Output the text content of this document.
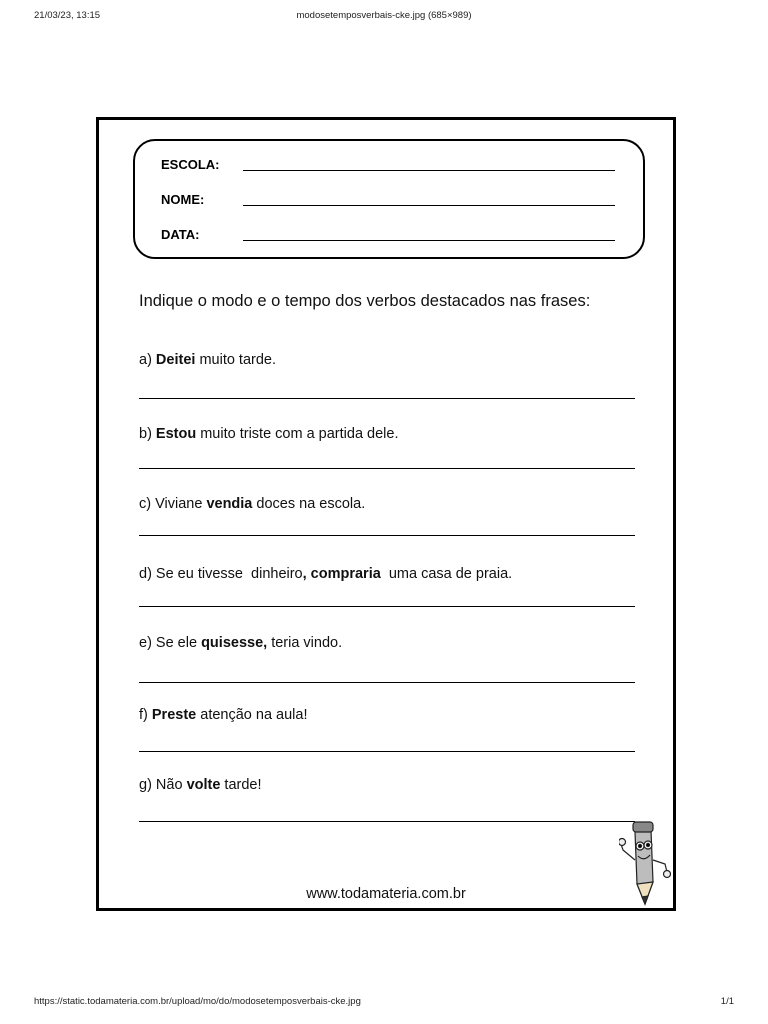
21/03/23, 13:15	modosetemposverbais-cke.jpg (685×989)
ESCOLA:
NOME:
DATA:
Indique o modo e o tempo dos verbos destacados nas frases:
a) Deitei muito tarde.
b) Estou muito triste com a partida dele.
c) Viviane vendia doces na escola.
d) Se eu tivesse  dinheiro, compraria  uma casa de praia.
e) Se ele quisesse, teria vindo.
f) Preste atenção na aula!
g) Não volte tarde!
www.todamateria.com.br
https://static.todamateria.com.br/upload/mo/do/modosetemposverbais-cke.jpg	1/1
